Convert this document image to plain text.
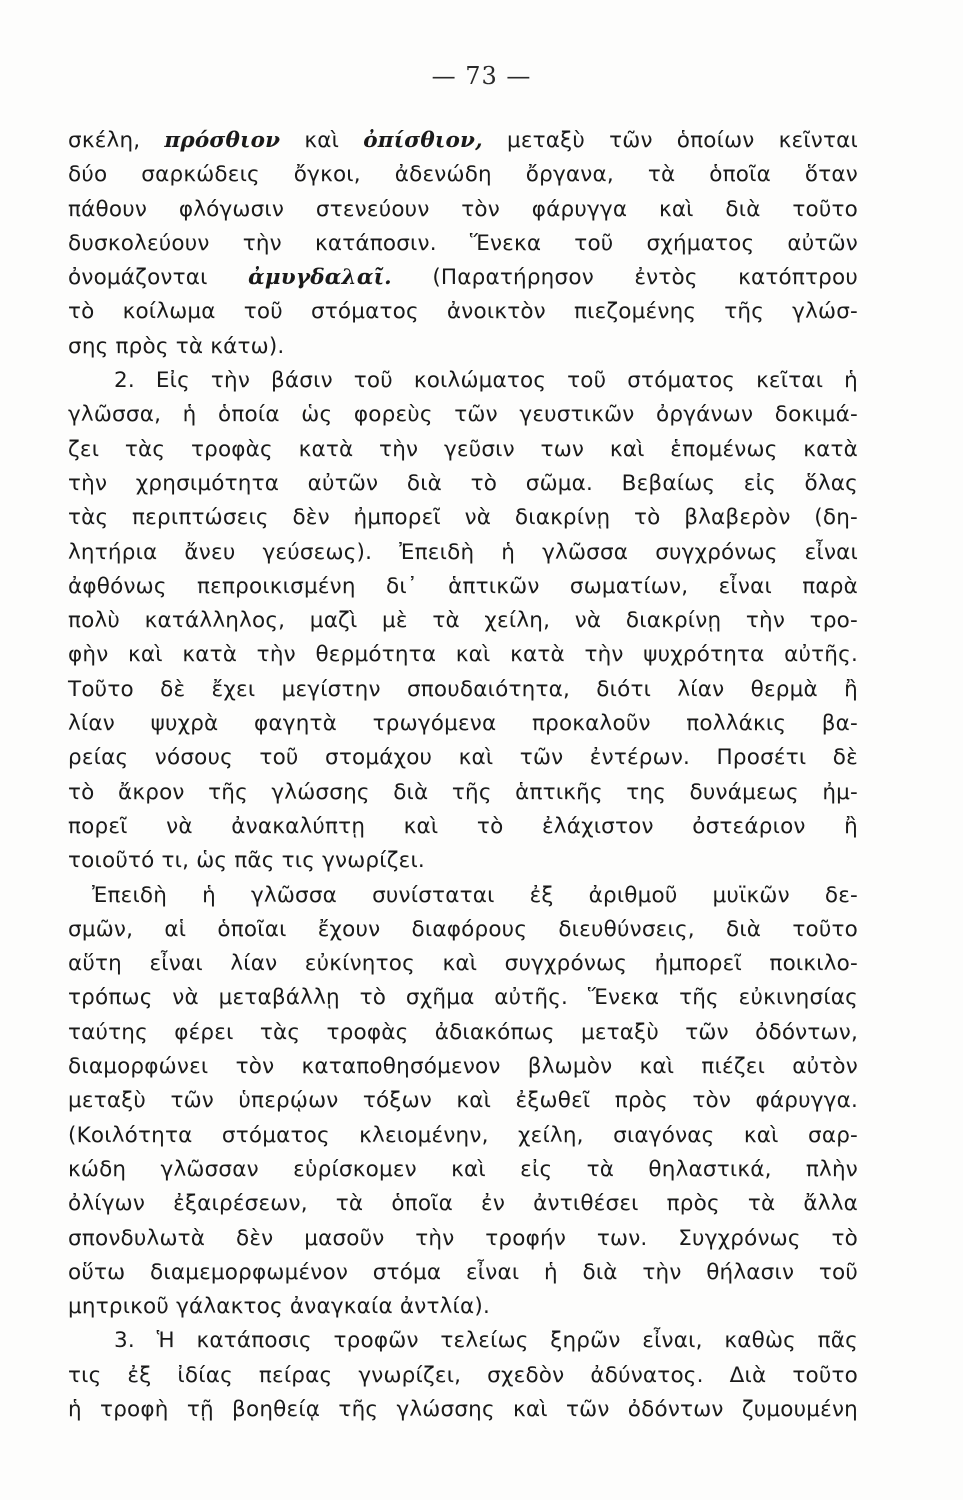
— 73 —
σκέλη, πρόσθιον καὶ ὀπίσθιον, μεταξὺ τῶν ὁποίων κεῖνται
δύο σαρκώδεις ὄγκοι, ἀδενώδη ὄργανα, τὰ ὁποῖα ὅταν
πάθουν φλόγωσιν στενεύουν τὸν φάρυγγα καὶ διὰ τοῦτο
δυσκολεύουν τὴν κατάποσιν. Ἕνεκα τοῦ σχήματος αὐτῶν
ὀνομάζονται ἀμυγδαλαῖ. (Παρατήρησον ἐντὸς κατόπτρου
τὸ κοίλωμα τοῦ στόματος ἀνοικτὸν πιεζομένης τῆς γλώσ-
σης πρὸς τὰ κάτω).
2. Εἰς τὴν βάσιν τοῦ κοιλώματος τοῦ στόματος κεῖται ἡ
γλῶσσα, ἡ ὁποία ὡς φορεὺς τῶν γευστικῶν ὀργάνων δοκιμά-
ζει τὰς τροφὰς κατὰ τὴν γεῦσιν των καὶ ἑπομένως κατὰ
τὴν χρησιμότητα αὐτῶν διὰ τὸ σῶμα. Βεβαίως εἰς ὅλας
τὰς περιπτώσεις δὲν ἠμπορεῖ νὰ διακρίνῃ τὸ βλαβερὸν (δη-
λητήρια ἄνευ γεύσεως). Ἐπειδὴ ἡ γλῶσσα συγχρόνως εἶναι
ἀφθόνως πεπροικισμένη δι᾽ ἁπτικῶν σωματίων, εἶναι παρὰ
πολὺ κατάλληλος, μαζὶ μὲ τὰ χείλη, νὰ διακρίνῃ τὴν τρο-
φὴν καὶ κατὰ τὴν θερμότητα καὶ κατὰ τὴν ψυχρότητα αὐτῆς.
Τοῦτο δὲ ἔχει μεγίστην σπουδαιότητα, διότι λίαν θερμὰ ἢ
λίαν ψυχρὰ φαγητὰ τρωγόμενα προκαλοῦν πολλάκις βα-
ρείας νόσους τοῦ στομάχου καὶ τῶν ἐντέρων. Προσέτι δὲ
τὸ ἄκρον τῆς γλώσσης διὰ τῆς ἁπτικῆς της δυνάμεως ἠμ-
πορεῖ νὰ ἀνακαλύπτῃ καὶ τὸ ἐλάχιστον ὀστεάριον ἢ
τοιοῦτό τι, ὡς πᾶς τις γνωρίζει.
Ἐπειδὴ ἡ γλῶσσα συνίσταται ἐξ ἀριθμοῦ μυϊκῶν δε-
σμῶν, αἱ ὁποῖαι ἔχουν διαφόρους διευθύνσεις, διὰ τοῦτο
αὕτη εἶναι λίαν εὐκίνητος καὶ συγχρόνως ἠμπορεῖ ποικιλο-
τρόπως νὰ μεταβάλλῃ τὸ σχῆμα αὐτῆς. Ἕνεκα τῆς εὐκινησίας
ταύτης φέρει τὰς τροφὰς ἀδιακόπως μεταξὺ τῶν ὀδόντων,
διαμορφώνει τὸν καταποθησόμενον βλωμὸν καὶ πιέζει αὐτὸν
μεταξὺ τῶν ὑπερῴων τόξων καὶ ἐξωθεῖ πρὸς τὸν φάρυγγα.
(Κοιλότητα στόματος κλειομένην, χείλη, σιαγόνας καὶ σαρ-
κώδη γλῶσσαν εὑρίσκομεν καὶ εἰς τὰ θηλαστικά, πλὴν
ὀλίγων ἐξαιρέσεων, τὰ ὁποῖα ἐν ἀντιθέσει πρὸς τὰ ἄλλα
σπονδυλωτὰ δὲν μασοῦν τὴν τροφήν των. Συγχρόνως τὸ
οὕτω διαμεμορφωμένον στόμα εἶναι ἡ διὰ τὴν θήλασιν τοῦ
μητρικοῦ γάλακτος ἀναγκαία ἀντλία).
3. Ἡ κατάποσις τροφῶν τελείως ξηρῶν εἶναι, καθὼς πᾶς
τις ἐξ ἰδίας πείρας γνωρίζει, σχεδὸν ἀδύνατος. Διὰ τοῦτο
ἡ τροφὴ τῇ βοηθείᾳ τῆς γλώσσης καὶ τῶν ὀδόντων ζυμουμένη
